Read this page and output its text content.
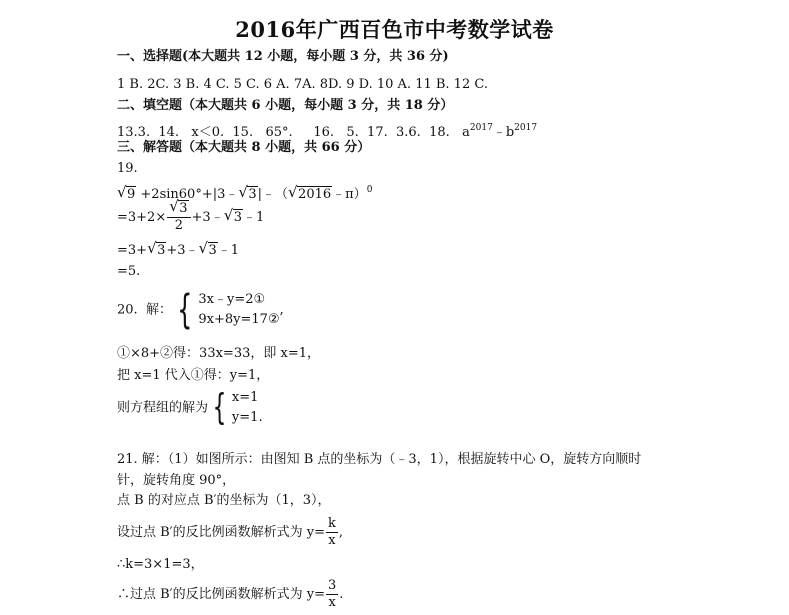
2016年广西百色市中考数学试卷
一、选择题(本大题共 12 小题，每小题 3 分，共 36 分)
1 B. 2C. 3 B. 4 C. 5 C. 6 A. 7A. 8D. 9 D. 10 A. 11 B. 12 C.
二、填空题（本大题共 6 小题，每小题 3 分，共 18 分）
13.3.  14.   x＜0.  15.   65°.     16.   5.  17.  3.6.  18.   $a^{2017}﹣b^{2017}$
三、解答题（本大题共 8 小题，共 66 分）
19.
√ 9 +2sin60°+|3﹣ √ 3|﹣（ √ 2016﹣π）$^0$
$=3+2\times \frac{√ 3}{2}$ +3﹣ √ 3﹣1
=3+ √ 3+3﹣ √ 3﹣1
=5.
20.  解： { 3x﹣y=2①
9x+8y=17②
,
①×8+②得：33x=33，即 x=1，
把 x=1 代入①得：y=1，
则方程组的解为 { x=1
y=1.
21. 解：（1）如图所示：由图知 B 点的坐标为（﹣3，1），根据旋转中心 O，旋转方向顺时
针，旋转角度 90°，
点 B 的对应点 B′的坐标为（1，3），
设过点 B′的反比例函数解析式为 $y= \frac{k}{x}$ ,
∴k=3×1=3，
∴过点 B′的反比例函数解析式为 $y= \frac{3}{x}$ .
